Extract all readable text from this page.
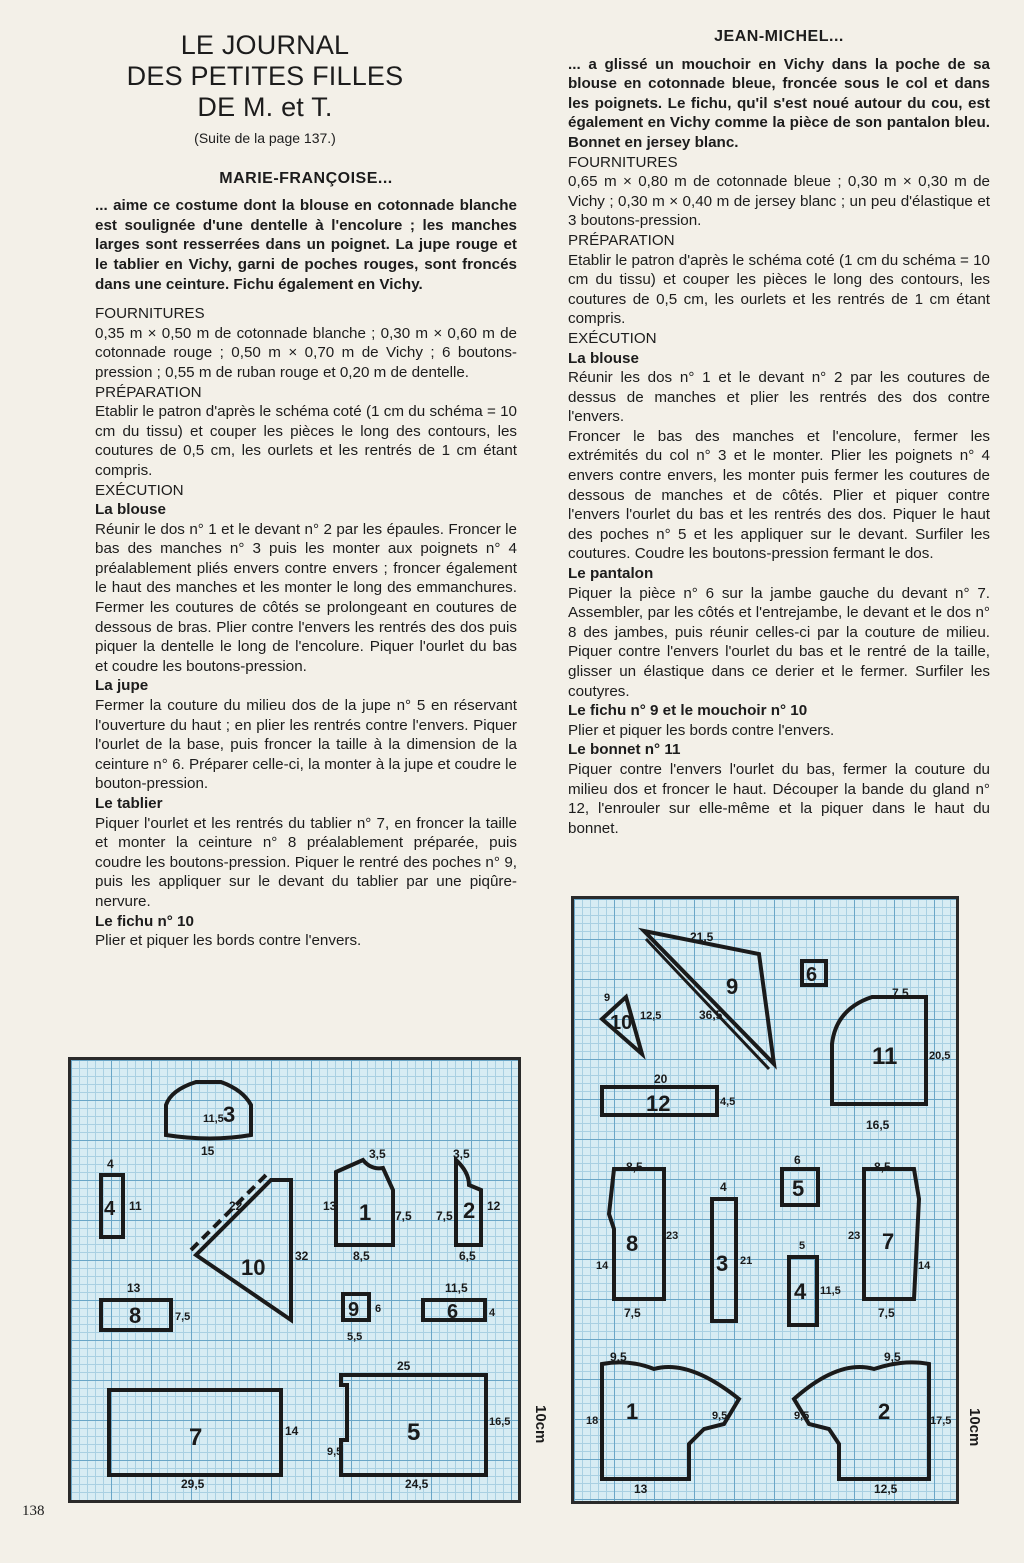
LE JOURNAL
DES PETITES FILLES
DE M. et T.
(Suite de la page 137.)
MARIE-FRANÇOISE...

... aime ce costume dont la blouse en cotonnade blanche est soulignée d'une dentelle à l'encolure ; les manches larges sont resserrées dans un poignet. La jupe rouge et le tablier en Vichy, garni de poches rouges, sont froncés dans une ceinture. Fichu également en Vichy.

FOURNITURES

0,35 m × 0,50 m de cotonnade blanche ; 0,30 m × 0,60 m de cotonnade rouge ; 0,50 m × 0,70 m de Vichy ; 6 boutons-pression ; 0,55 m de ruban rouge et 0,20 m de dentelle.

PRÉPARATION

Etablir le patron d'après le schéma coté (1 cm du schéma = 10 cm du tissu) et couper les pièces le long des contours, les coutures de 0,5 cm, les ourlets et les rentrés de 1 cm étant compris.

EXÉCUTION

La blouse

Réunir le dos n° 1 et le devant n° 2 par les épaules. Froncer le bas des manches n° 3 puis les monter aux poignets n° 4 préalablement pliés envers contre envers ; froncer également le haut des manches et les monter le long des emmanchures. Fermer les coutures de côtés se prolongeant en coutures de dessous de bras. Plier contre l'envers les rentrés des dos puis piquer la dentelle le long de l'encolure. Piquer l'ourlet du bas et coudre les boutons-pression.

La jupe

Fermer la couture du milieu dos de la jupe n° 5 en réservant l'ouverture du haut ; en plier les rentrés contre l'envers. Piquer l'ourlet de la base, puis froncer la taille à la dimension de la ceinture n° 6. Préparer celle-ci, la monter à la jupe et coudre le bouton-pression.

Le tablier

Piquer l'ourlet et les rentrés du tablier n° 7, en froncer la taille et monter la ceinture n° 8 préalablement préparée, puis coudre les boutons-pression. Piquer le rentré des poches n° 9, puis les appliquer sur le devant du tablier par une piqûre-nervure.

Le fichu n° 10

Plier et piquer les bords contre l'envers.

JEAN-MICHEL...

... a glissé un mouchoir en Vichy dans la poche de sa blouse en cotonnade bleue, froncée sous le col et dans les poignets. Le fichu, qu'il s'est noué autour du cou, est également en Vichy comme la pièce de son pantalon bleu. Bonnet en jersey blanc.

FOURNITURES

0,65 m × 0,80 m de cotonnade bleue ; 0,30 m × 0,30 m de Vichy ; 0,30 m × 0,40 m de jersey blanc ; un peu d'élastique et 3 boutons-pression.

PRÉPARATION

Etablir le patron d'après le schéma coté (1 cm du schéma = 10 cm du tissu) et couper les pièces le long des contours, les coutures de 0,5 cm, les ourlets et les rentrés de 1 cm étant compris.

EXÉCUTION

La blouse

Réunir les dos n° 1 et le devant n° 2 par les coutures de dessus de manches et plier les rentrés des dos contre l'envers.

Froncer le bas des manches et l'encolure, fermer les extrémités du col n° 3 et le monter. Plier les poignets n° 4 envers contre envers, les monter puis fermer les coutures de dessous de manches et de côtés. Plier et piquer contre l'envers l'ourlet du bas et les rentrés des dos. Piquer le haut des poches n° 5 et les appliquer sur le devant. Surfiler les coutures. Coudre les boutons-pression fermant le dos.

Le pantalon

Piquer la pièce n° 6 sur la jambe gauche du devant n° 7. Assembler, par les côtés et l'entrejambe, le devant et le dos n° 8 des jambes, puis réunir celles-ci par la couture de milieu. Piquer contre l'envers l'ourlet du bas et le rentré de la taille, glisser un élastique dans ce derier et le fermer. Surfiler les coutyres.

Le fichu n° 9 et le mouchoir n° 10

Plier et piquer les bords contre l'envers.

Le bonnet n° 11

Piquer contre l'envers l'ourlet du bas, fermer la couture du milieu dos et froncer le haut. Découper la bande du gland n° 12, l'enrouler sur elle-même et la piquer dans le haut du bonnet.

3
4	1	2
10
8	9	6
7	5
11,5
15
4
11
3,5
13
7,5
8,5
3,5
12
7,5
6,5
22
32
13
7,5
6
5,5
11,5
4
25
14
29,5
9,5
16,5
24,5
10cm
9	6
10
11
12
8
3
5
4
7
1	2
21,5
36,5
9
12,5
7,5
20,5
20
4,5
16,5
8,5
4
6	8,5
23
14	21
5
11,5
23
14
7,5	7,5
9,5	9,5
18	9,5	9,5	17,5
13	12,5
10cm
138
